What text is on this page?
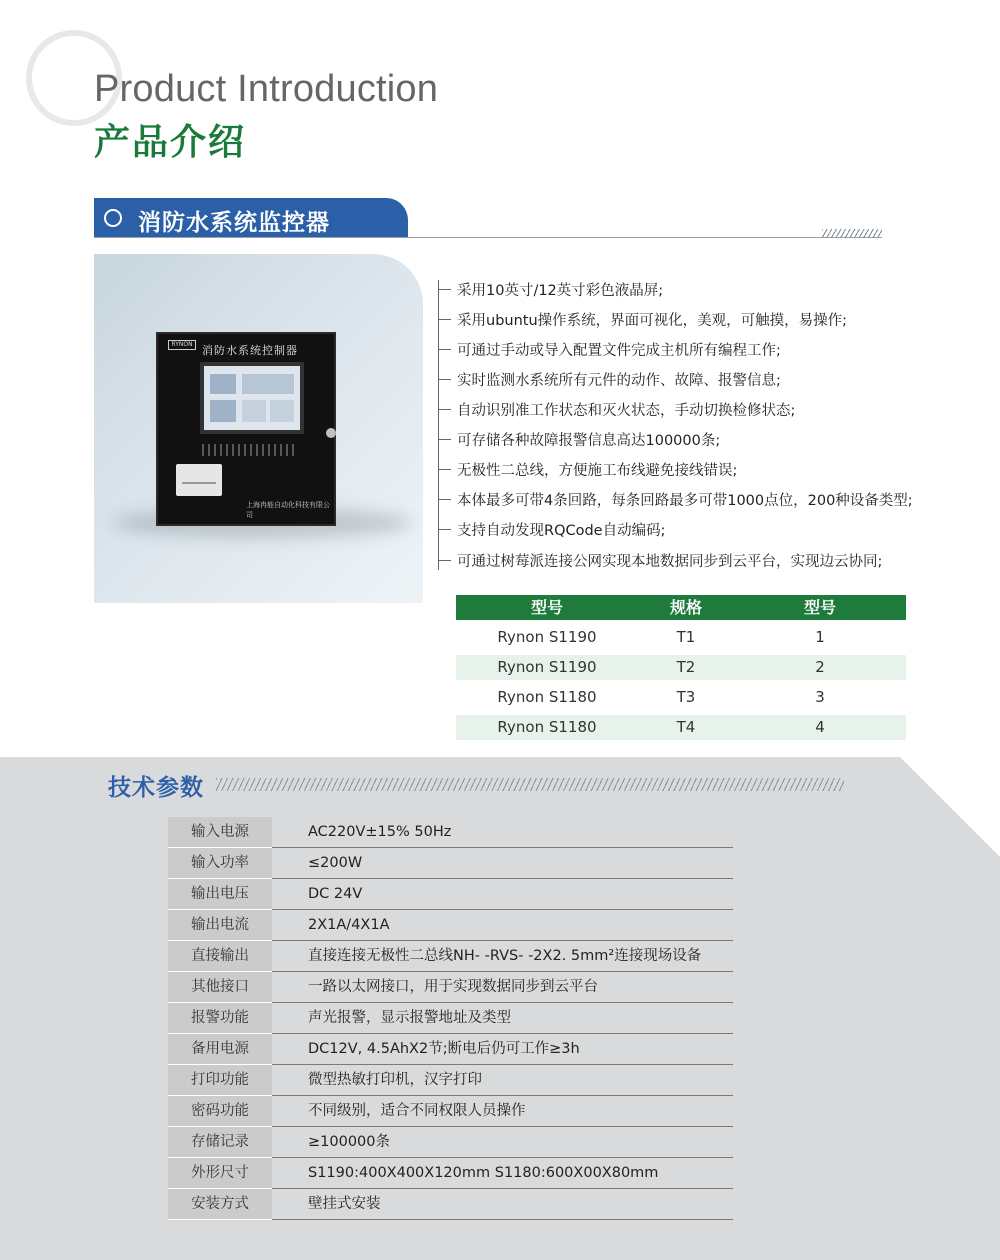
Product Introduction
产品介绍
消防水系统监控器
RYNON 消防水系统控制器
上海冉能自动化科技有限公司
采用10英寸/12英寸彩色液晶屏;
采用ubuntu操作系统，界面可视化，美观，可触摸，易操作;
可通过手动或导入配置文件完成主机所有编程工作;
实时监测水系统所有元件的动作、故障、报警信息;
自动识别准工作状态和灭火状态，手动切换检修状态;
可存储各种故障报警信息高达100000条;
无极性二总线，方便施工布线避免接线错误;
本体最多可带4条回路，每条回路最多可带1000点位，200种设备类型;
支持自动发现RQCode自动编码;
可通过树莓派连接公网实现本地数据同步到云平台，实现边云协同;
型号	规格	型号
Rynon S1190	T1	1
Rynon S1190	T2	2
Rynon S1180	T3	3
Rynon S1180	T4	4
技术参数
输入电源	AC220V±15% 50Hz
输入功率	≤200W
输出电压	DC 24V
输出电流	2X1A/4X1A
直接输出	直接连接无极性二总线NH- -RVS- -2X2. 5mm²连接现场设备
其他接口	一路以太网接口，用于实现数据同步到云平台
报警功能	声光报警，显示报警地址及类型
备用电源	DC12V, 4.5AhX2节;断电后仍可工作≥3h
打印功能	微型热敏打印机，汉字打印
密码功能	不同级别，适合不同权限人员操作
存储记录	≥100000条
外形尺寸	S1190:400X400X120mm S1180:600X00X80mm
安装方式	壁挂式安装
